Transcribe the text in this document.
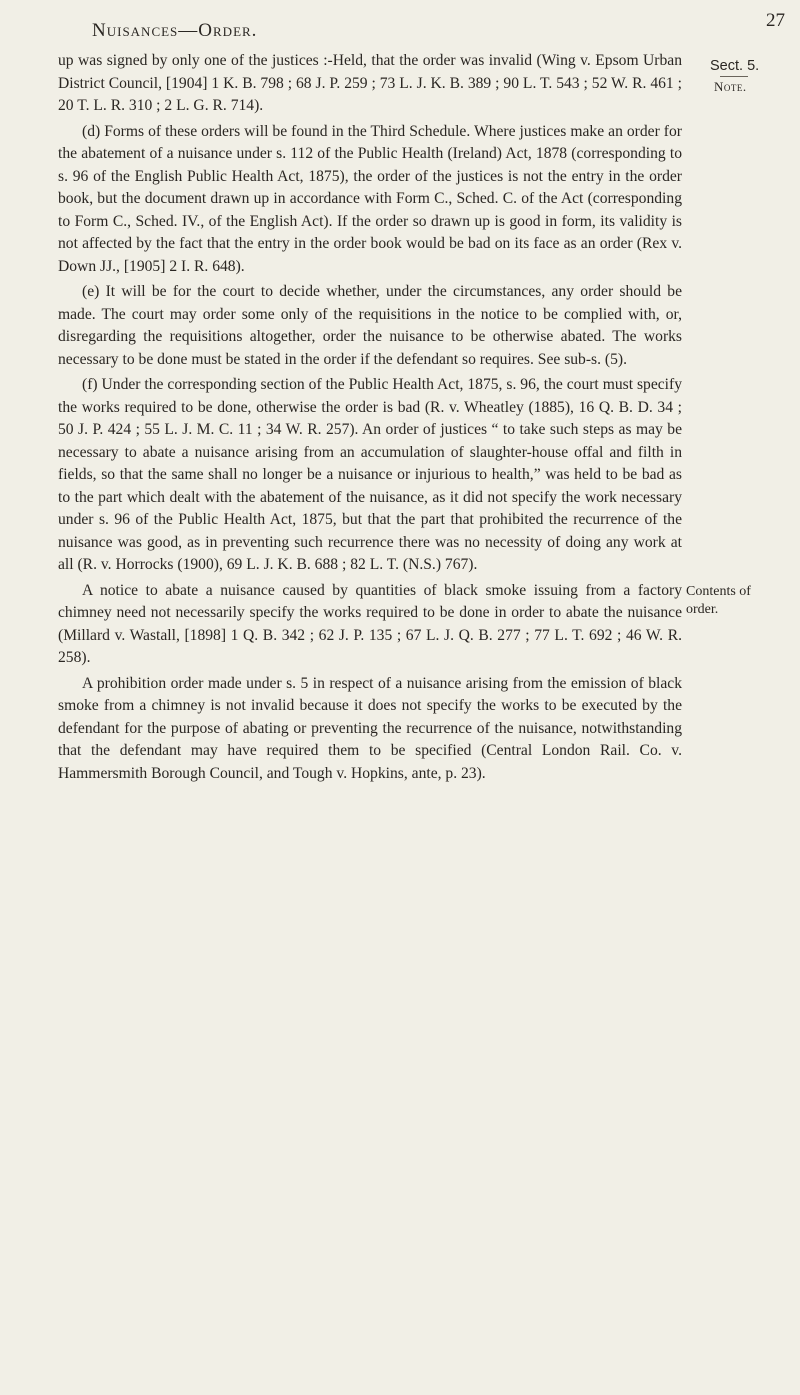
Nuisances—Order.	27
Sect. 5.
Note.
Contents of
order.

up was signed by only one of the justices :-Held, that the order was invalid (Wing v. Epsom Urban District Council, [1904] 1 K. B. 798 ; 68 J. P. 259 ; 73 L. J. K. B. 389 ; 90 L. T. 543 ; 52 W. R. 461 ; 20 T. L. R. 310 ; 2 L. G. R. 714).

(d) Forms of these orders will be found in the Third Schedule. Where justices make an order for the abatement of a nuisance under s. 112 of the Public Health (Ireland) Act, 1878 (corresponding to s. 96 of the English Public Health Act, 1875), the order of the justices is not the entry in the order book, but the document drawn up in accordance with Form C., Sched. C. of the Act (corresponding to Form C., Sched. IV., of the English Act). If the order so drawn up is good in form, its validity is not affected by the fact that the entry in the order book would be bad on its face as an order (Rex v. Down JJ., [1905] 2 I. R. 648).

(e) It will be for the court to decide whether, under the circumstances, any order should be made. The court may order some only of the requisitions in the notice to be complied with, or, disregarding the requisitions altogether, order the nuisance to be otherwise abated. The works necessary to be done must be stated in the order if the defendant so requires. See sub-s. (5).

(f) Under the corresponding section of the Public Health Act, 1875, s. 96, the court must specify the works required to be done, otherwise the order is bad (R. v. Wheatley (1885), 16 Q. B. D. 34 ; 50 J. P. 424 ; 55 L. J. M. C. 11 ; 34 W. R. 257). An order of justices “ to take such steps as may be necessary to abate a nuisance arising from an accumulation of slaughter-house offal and filth in fields, so that the same shall no longer be a nuisance or injurious to health,” was held to be bad as to the part which dealt with the abatement of the nuisance, as it did not specify the work necessary under s. 96 of the Public Health Act, 1875, but that the part that prohibited the recurrence of the nuisance was good, as in preventing such recurrence there was no necessity of doing any work at all (R. v. Horrocks (1900), 69 L. J. K. B. 688 ; 82 L. T. (N.S.) 767).

A notice to abate a nuisance caused by quantities of black smoke issuing from a factory chimney need not necessarily specify the works required to be done in order to abate the nuisance (Millard v. Wastall, [1898] 1 Q. B. 342 ; 62 J. P. 135 ; 67 L. J. Q. B. 277 ; 77 L. T. 692 ; 46 W. R. 258).

A prohibition order made under s. 5 in respect of a nuisance arising from the emission of black smoke from a chimney is not invalid because it does not specify the works to be executed by the defendant for the purpose of abating or preventing the recurrence of the nuisance, notwithstanding that the defendant may have required them to be specified (Central London Rail. Co. v. Hammersmith Borough Council, and Tough v. Hopkins, ante, p. 23).
